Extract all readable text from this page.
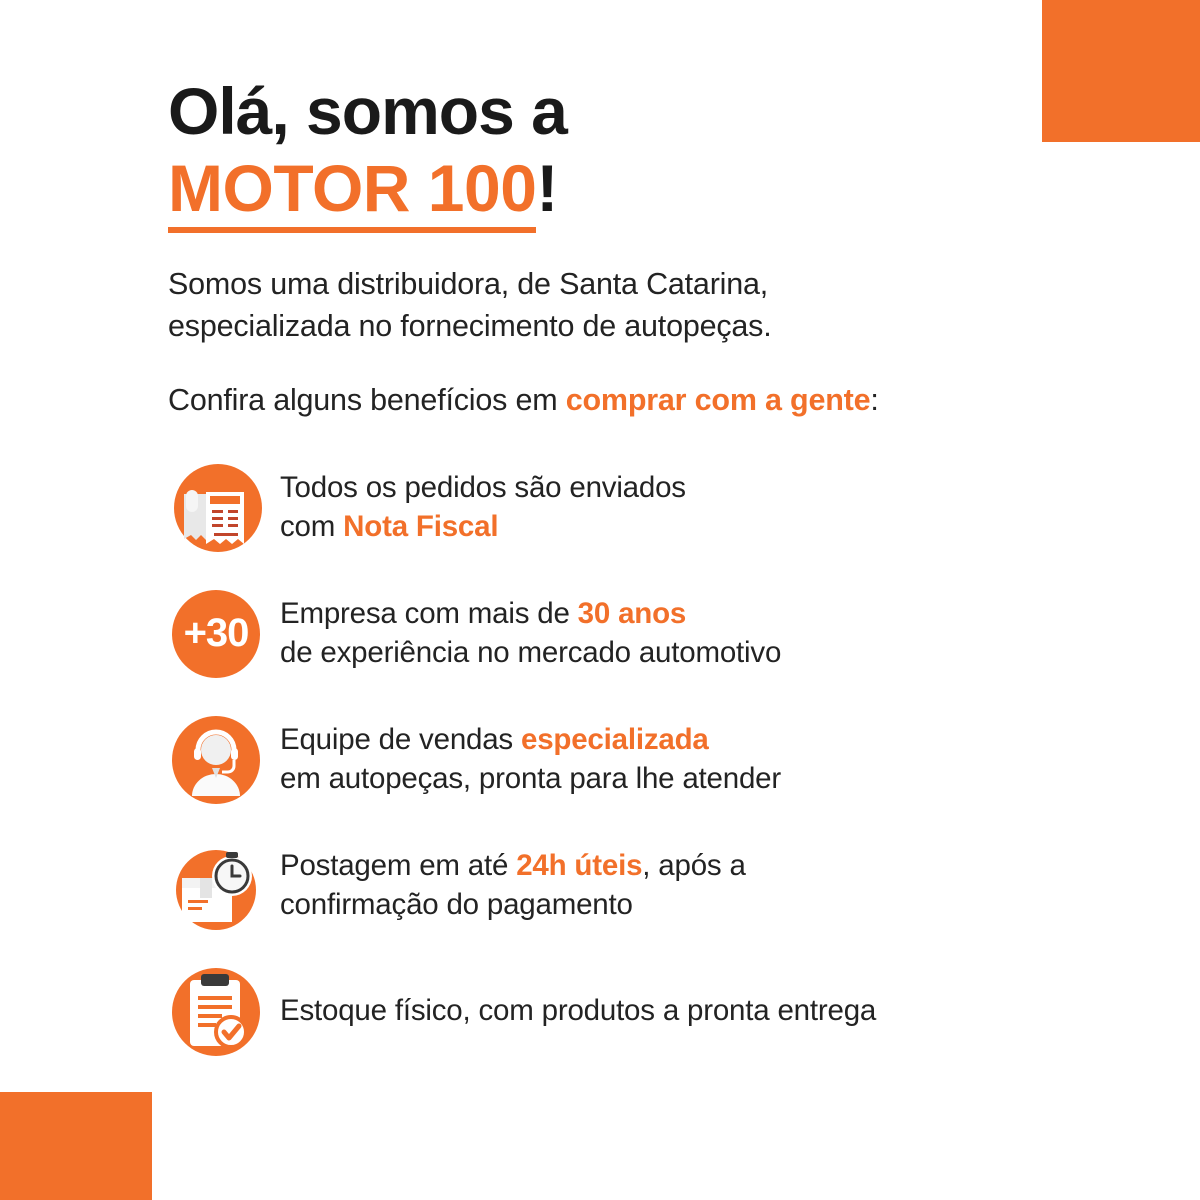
Olá, somos a
MOTOR 100!

Somos uma distribuidora, de Santa Catarina,
especializada no fornecimento de autopeças.

Confira alguns benefícios em comprar com a gente:

Todos os pedidos são enviados
com Nota Fiscal
+30	Empresa com mais de 30 anos
de experiência no mercado automotivo
Equipe de vendas especializada
em autopeças, pronta para lhe atender
Postagem em até 24h úteis, após a
confirmação do pagamento
Estoque físico, com produtos a pronta entrega
